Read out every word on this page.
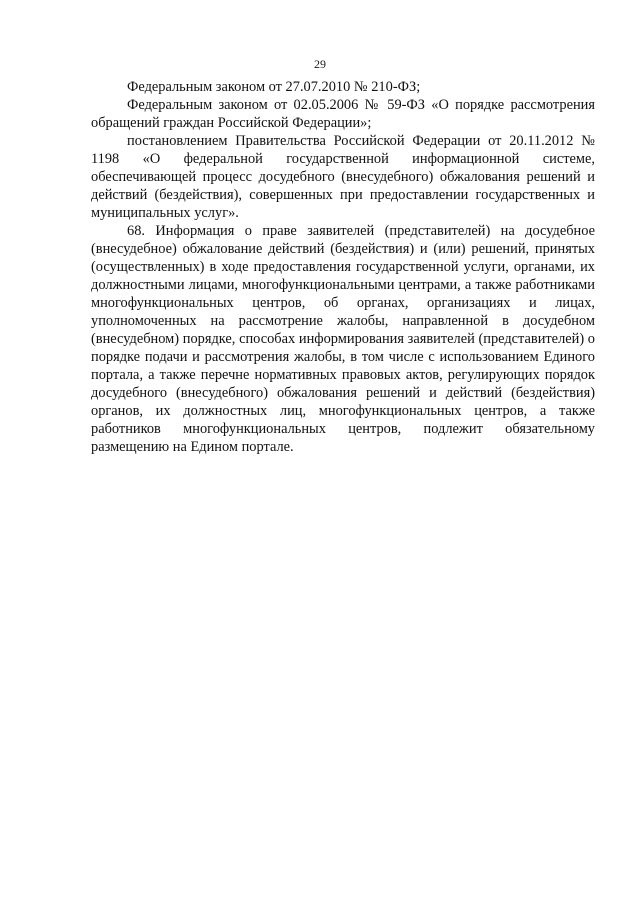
29

Федеральным законом от 27.07.2010 № 210-ФЗ;

Федеральным законом от 02.05.2006 № 59-ФЗ «О порядке рассмотрения обращений граждан Российской Федерации»;

постановлением Правительства Российской Федерации от 20.11.2012 № 1198 «О федеральной государственной информационной системе, обеспечивающей процесс досудебного (внесудебного) обжалования решений и действий (бездействия), совершенных при предоставлении государственных и муниципальных услуг».

68. Информация о праве заявителей (представителей) на досудебное (внесудебное) обжалование действий (бездействия) и (или) решений, принятых (осуществленных) в ходе предоставления государственной услуги, органами, их должностными лицами, многофункциональными центрами, а также работниками многофункциональных центров, об органах, организациях и лицах, уполномоченных на рассмотрение жалобы, направленной в досудебном (внесудебном) порядке, способах информирования заявителей (представителей) о порядке подачи и рассмотрения жалобы, в том числе с использованием Единого портала, а также перечне нормативных правовых актов, регулирующих порядок досудебного (внесудебного) обжалования решений и действий (бездействия) органов, их должностных лиц, многофункциональных центров, а также работников многофункциональных центров, подлежит обязательному размещению на Едином портале.
